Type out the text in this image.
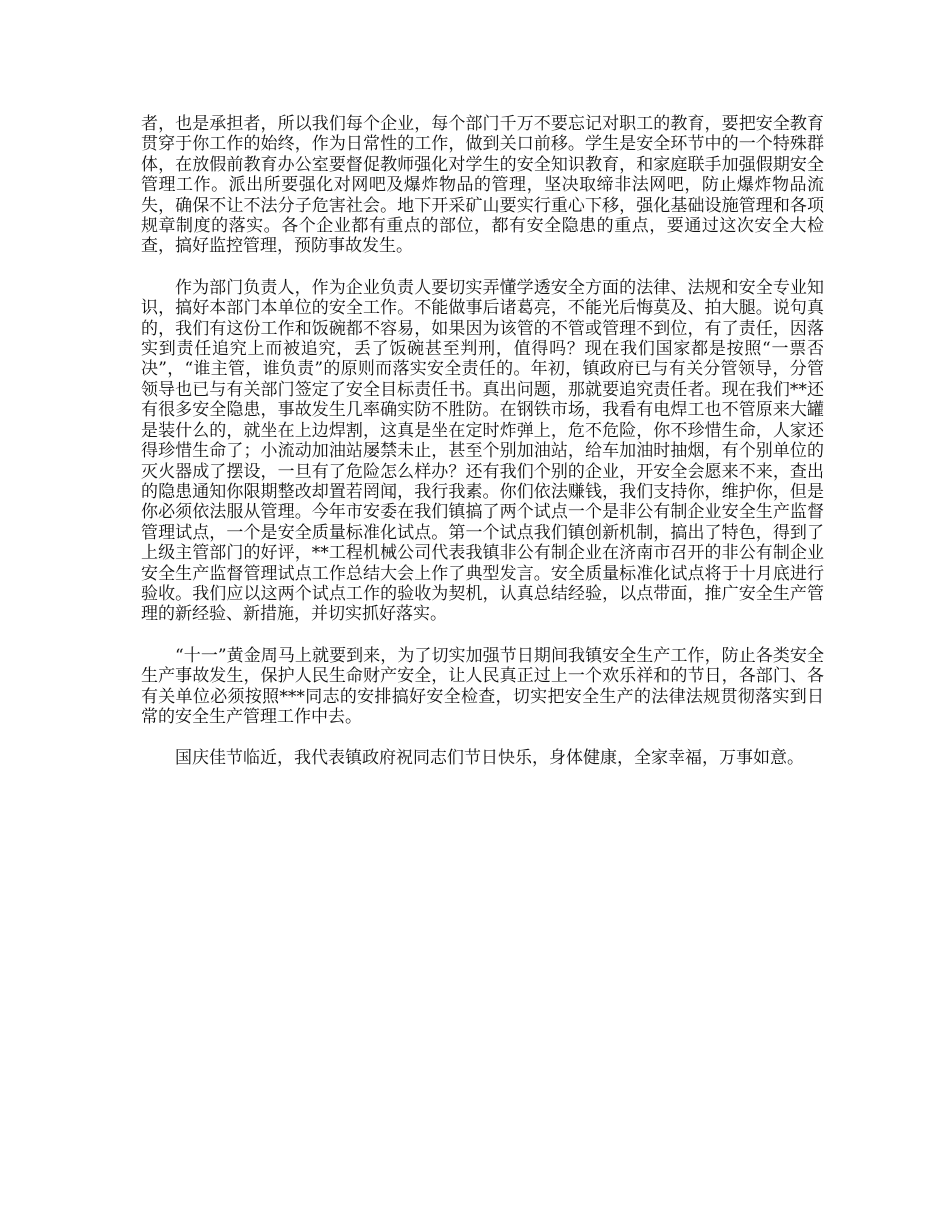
者，也是承担者，所以我们每个企业，每个部门千万不要忘记对职工的教育，要把安全教育贯穿于你工作的始终，作为日常性的工作，做到关口前移。学生是安全环节中的一个特殊群体，在放假前教育办公室要督促教师强化对学生的安全知识教育，和家庭联手加强假期安全管理工作。派出所要强化对网吧及爆炸物品的管理，坚决取缔非法网吧，防止爆炸物品流失，确保不让不法分子危害社会。地下开采矿山要实行重心下移，强化基础设施管理和各项规章制度的落实。各个企业都有重点的部位，都有安全隐患的重点，要通过这次安全大检查，搞好监控管理，预防事故发生。

作为部门负责人，作为企业负责人要切实弄懂学透安全方面的法律、法规和安全专业知识，搞好本部门本单位的安全工作。不能做事后诸葛亮，不能光后悔莫及、拍大腿。说句真的，我们有这份工作和饭碗都不容易，如果因为该管的不管或管理不到位，有了责任，因落实到责任追究上而被追究，丢了饭碗甚至判刑，值得吗？现在我们国家都是按照“一票否决”，“谁主管，谁负责”的原则而落实安全责任的。年初，镇政府已与有关分管领导，分管领导也已与有关部门签定了安全目标责任书。真出问题，那就要追究责任者。现在我们**还有很多安全隐患，事故发生几率确实防不胜防。在钢铁市场，我看有电焊工也不管原来大罐是装什么的，就坐在上边焊割，这真是坐在定时炸弹上，危不危险，你不珍惜生命，人家还得珍惜生命了；小流动加油站屡禁未止，甚至个别加油站，给车加油时抽烟，有个别单位的灭火器成了摆设，一旦有了危险怎么样办？还有我们个别的企业，开安全会愿来不来，查出的隐患通知你限期整改却置若罔闻，我行我素。你们依法赚钱，我们支持你，维护你，但是你必须依法服从管理。今年市安委在我们镇搞了两个试点一个是非公有制企业安全生产监督管理试点，一个是安全质量标准化试点。第一个试点我们镇创新机制，搞出了特色，得到了上级主管部门的好评，**工程机械公司代表我镇非公有制企业在济南市召开的非公有制企业安全生产监督管理试点工作总结大会上作了典型发言。安全质量标准化试点将于十月底进行验收。我们应以这两个试点工作的验收为契机，认真总结经验，以点带面，推广安全生产管理的新经验、新措施，并切实抓好落实。

“十一”黄金周马上就要到来，为了切实加强节日期间我镇安全生产工作，防止各类安全生产事故发生，保护人民生命财产安全，让人民真正过上一个欢乐祥和的节日，各部门、各有关单位必须按照***同志的安排搞好安全检查，切实把安全生产的法律法规贯彻落实到日常的安全生产管理工作中去。

国庆佳节临近，我代表镇政府祝同志们节日快乐，身体健康，全家幸福，万事如意。
